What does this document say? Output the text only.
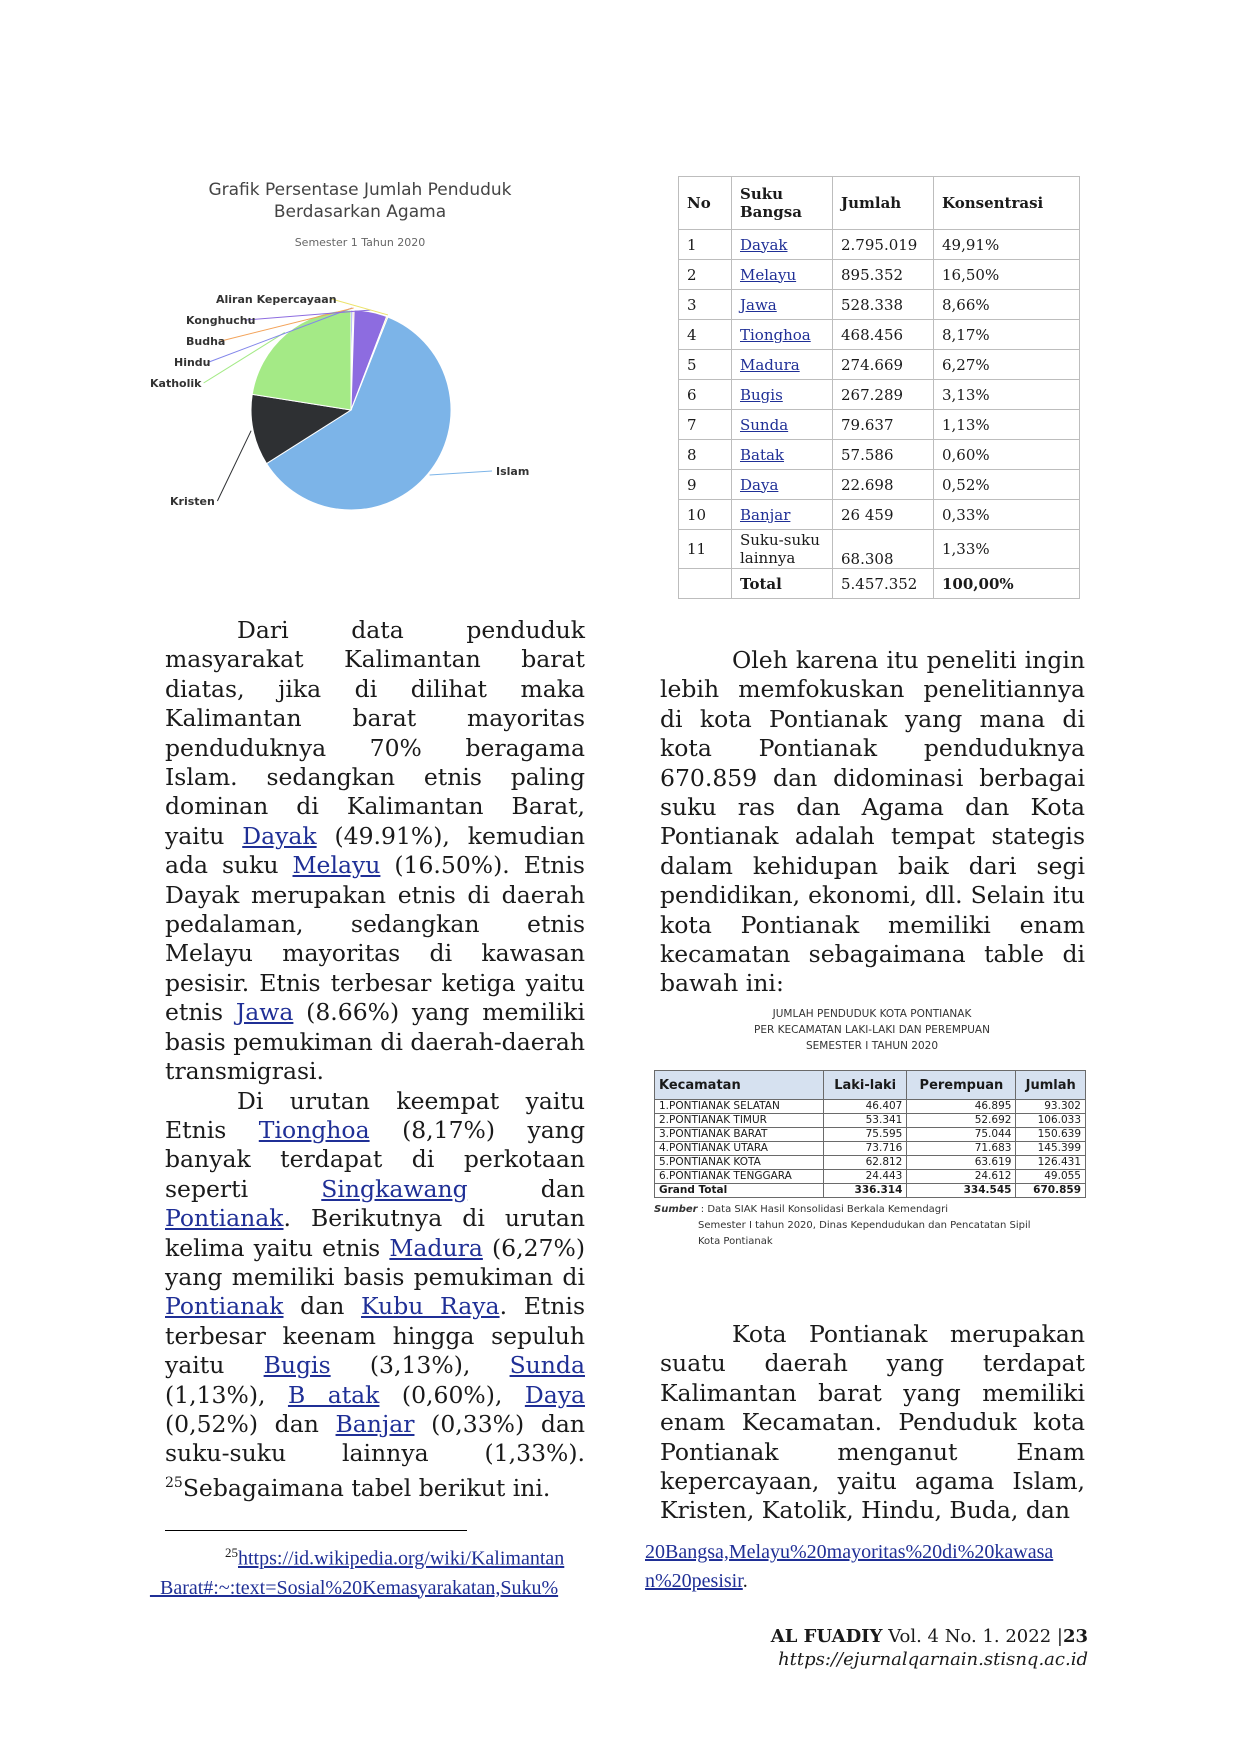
Grafik Persentase Jumlah Penduduk
Berdasarkan Agama
Semester 1 Tahun 2020
Islam
Kristen
Katholik
Hindu
Budha
Konghuchu
Aliran Kepercayaan

Dari data penduduk masyarakat Kalimantan barat diatas, jika di dilihat maka Kalimantan barat mayoritas penduduknya 70% beragama Islam. sedangkan etnis paling dominan di Kalimantan Barat, yaitu Dayak (49.91%), kemudian ada suku Melayu (16.50%). Etnis Dayak merupakan etnis di daerah pedalaman, sedangkan etnis Melayu mayoritas di kawasan pesisir. Etnis terbesar ketiga yaitu etnis Jawa (8.66%) yang memiliki basis pemukiman di daerah-daerah transmigrasi.

Di urutan keempat yaitu Etnis Tionghoa (8,17%) yang banyak terdapat di perkotaan seperti Singkawang dan Pontianak. Berikutnya di urutan kelima yaitu etnis Madura (6,27%) yang memiliki basis pemukiman di Pontianak dan Kubu Raya. Etnis terbesar keenam hingga sepuluh yaitu Bugis (3,13%), Sunda (1,13%), B atak (0,60%), Daya (0,52%) dan Banjar (0,33%) dan suku-suku lainnya (1,33%). $^{25}$Sebagaimana tabel berikut ini.

No	Suku Bangsa	Jumlah	Konsentrasi
1	Dayak	2.795.019	49,91%
2	Melayu	895.352	16,50%
3	Jawa	528.338	8,66%
4	Tionghoa	468.456	8,17%
5	Madura	274.669	6,27%
6	Bugis	267.289	3,13%
7	Sunda	79.637	1,13%
8	Batak	57.586	0,60%
9	Daya	22.698	0,52%
10	Banjar	26 459	0,33%
11	Suku-suku lainnya	68.308	1,33%
	Total	5.457.352	100,00%

Oleh karena itu peneliti ingin lebih memfokuskan penelitiannya di kota Pontianak yang mana di kota Pontianak penduduknya 670.859 dan didominasi berbagai suku ras dan Agama dan Kota Pontianak adalah tempat stategis dalam kehidupan baik dari segi pendidikan, ekonomi, dll. Selain itu kota Pontianak memiliki enam kecamatan sebagaimana table di bawah ini:

JUMLAH PENDUDUK KOTA PONTIANAK
PER KECAMATAN LAKI-LAKI DAN PEREMPUAN
SEMESTER I TAHUN 2020
Kecamatan	Laki-laki	Perempuan	Jumlah
1.PONTIANAK SELATAN	46.407	46.895	93.302
2.PONTIANAK TIMUR	53.341	52.692	106.033
3.PONTIANAK BARAT	75.595	75.044	150.639
4.PONTIANAK UTARA	73.716	71.683	145.399
5.PONTIANAK KOTA	62.812	63.619	126.431
6.PONTIANAK TENGGARA	24.443	24.612	49.055
Grand Total	336.314	334.545	670.859
Sumber : Data SIAK Hasil Konsolidasi Berkala Kemendagri
Semester I tahun 2020, Dinas Kependudukan dan Pencatatan Sipil
Kota Pontianak

Kota Pontianak merupakan suatu daerah yang terdapat Kalimantan barat yang memiliki enam Kecamatan. Penduduk kota Pontianak menganut Enam kepercayaan, yaitu agama Islam, Kristen, Katolik, Hindu, Buda, dan

$^{25}$https://id.wikipedia.org/wiki/Kalimantan
_Barat#:~:text=Sosial%20Kemasyarakatan,Suku%
20Bangsa,Melayu%20mayoritas%20di%20kawasa
n%20pesisir.
AL FUADIY Vol. 4 No. 1. 2022 |23
https://ejurnalqarnain.stisnq.ac.id
